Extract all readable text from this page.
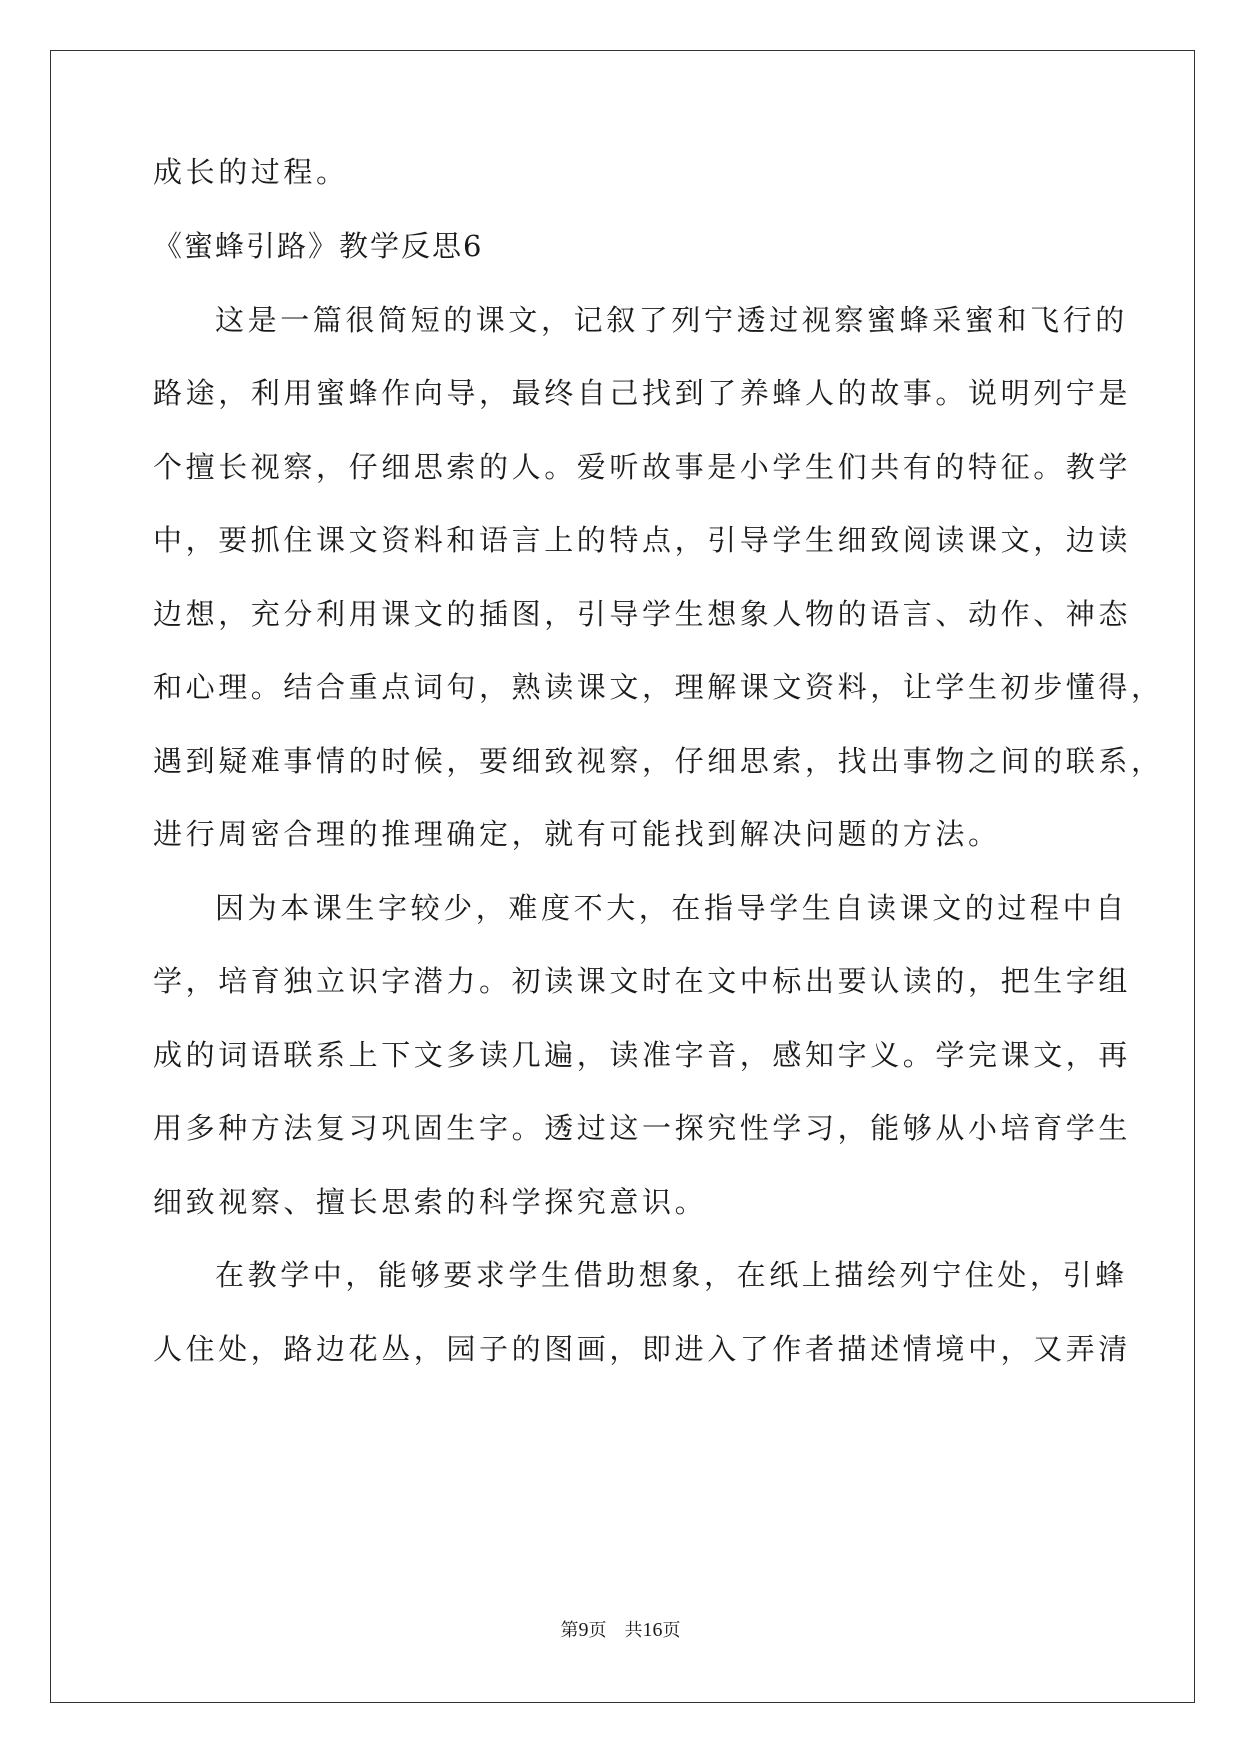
成长的过程。
《蜜蜂引路》教学反思6
这是一篇很简短的课文，记叙了列宁透过视察蜜蜂采蜜和飞行的
路途，利用蜜蜂作向导，最终自己找到了养蜂人的故事。说明列宁是
个擅长视察，仔细思索的人。爱听故事是小学生们共有的特征。教学
中，要抓住课文资料和语言上的特点，引导学生细致阅读课文，边读
边想，充分利用课文的插图，引导学生想象人物的语言、动作、神态
和心理。结合重点词句，熟读课文，理解课文资料，让学生初步懂得，
遇到疑难事情的时候，要细致视察，仔细思索，找出事物之间的联系，
进行周密合理的推理确定，就有可能找到解决问题的方法。
因为本课生字较少，难度不大，在指导学生自读课文的过程中自
学，培育独立识字潜力。初读课文时在文中标出要认读的，把生字组
成的词语联系上下文多读几遍，读准字音，感知字义。学完课文，再
用多种方法复习巩固生字。透过这一探究性学习，能够从小培育学生
细致视察、擅长思索的科学探究意识。
在教学中，能够要求学生借助想象，在纸上描绘列宁住处，引蜂
人住处，路边花丛，园子的图画，即进入了作者描述情境中，又弄清
第9页 共16页
